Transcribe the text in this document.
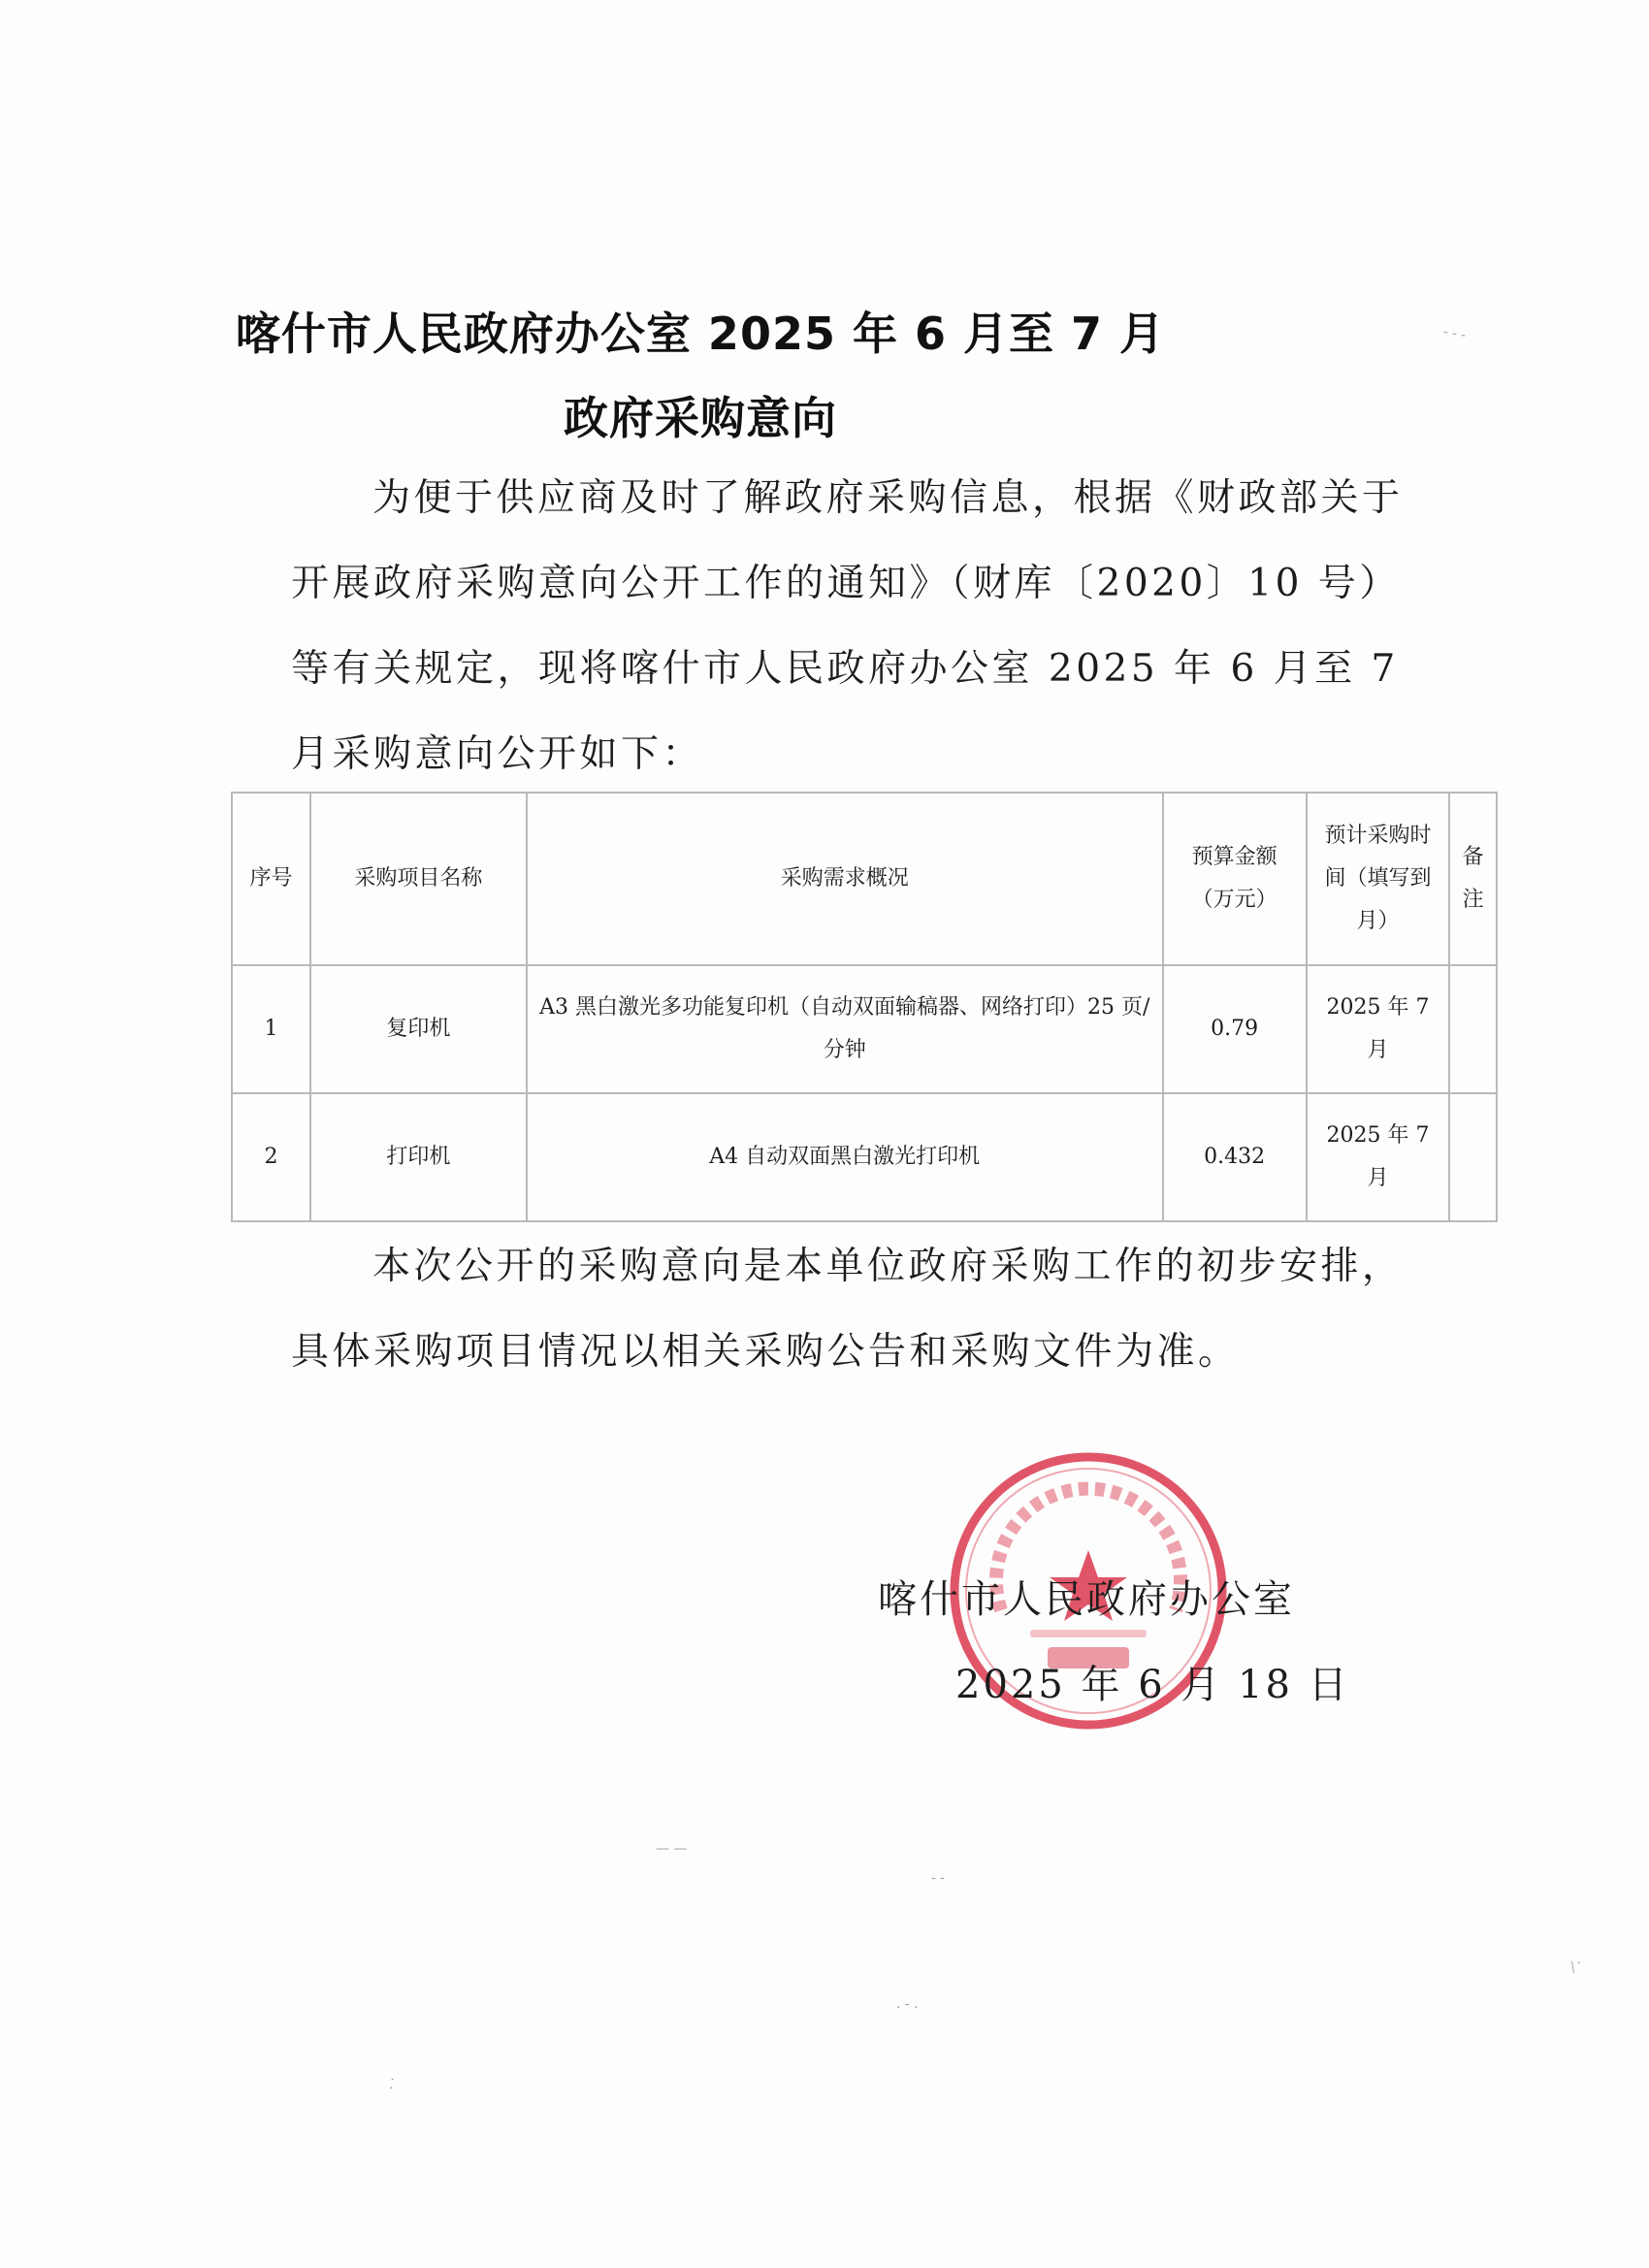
喀什市人民政府办公室 2025 年 6 月至 7 月
政府采购意向
为便于供应商及时了解政府采购信息，根据《财政部关于开展政府采购意向公开工作的通知》（财库〔2020〕10 号）等有关规定，现将喀什市人民政府办公室 2025 年 6 月至 7 月采购意向公开如下：
序号	采购项目名称	采购需求概况	预算金额（万元）	预计采购时间（填写到月）	备注
1	复印机	A3 黑白激光多功能复印机（自动双面输稿器、网络打印）25 页/分钟	0.79	2025 年 7 月	
2	打印机	A4 自动双面黑白激光打印机	0.432	2025 年 7 月	
本次公开的采购意向是本单位政府采购工作的初步安排，具体采购项目情况以相关采购公告和采购文件为准。
喀什市人民政府办公室
2025 年 6 月 18 日
- - -
— —
- -
. - .
⁄ ·
· ·
